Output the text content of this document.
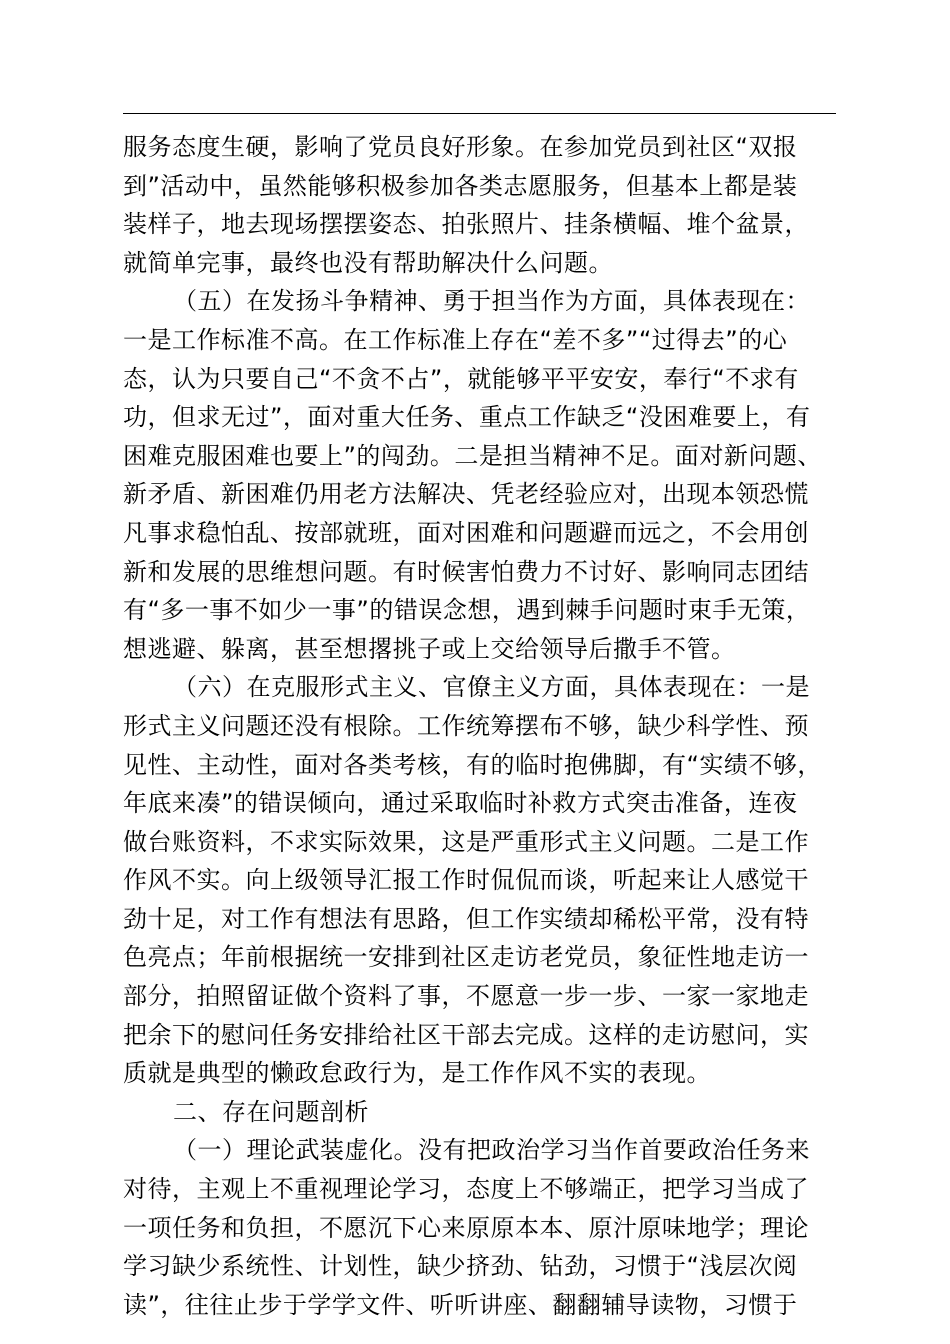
服务态度生硬，影响了党员良好形象。在参加党员到社区“双报
到”活动中，虽然能够积极参加各类志愿服务，但基本上都是装
装样子，地去现场摆摆姿态、拍张照片、挂条横幅、堆个盆景，
就简单完事，最终也没有帮助解决什么问题。
（五）在发扬斗争精神、勇于担当作为方面，具体表现在：
一是工作标准不高。在工作标准上存在“差不多”“过得去”的心
态，认为只要自己“不贪不占”，就能够平平安安，奉行“不求有
功，但求无过”，面对重大任务、重点工作缺乏“没困难要上，有
困难克服困难也要上”的闯劲。二是担当精神不足。面对新问题、
新矛盾、新困难仍用老方法解决、凭老经验应对，出现本领恐慌
凡事求稳怕乱、按部就班，面对困难和问题避而远之，不会用创
新和发展的思维想问题。有时候害怕费力不讨好、影响同志团结
有“多一事不如少一事”的错误念想，遇到棘手问题时束手无策，
想逃避、躲离，甚至想撂挑子或上交给领导后撒手不管。
（六）在克服形式主义、官僚主义方面，具体表现在：一是
形式主义问题还没有根除。工作统筹摆布不够，缺少科学性、预
见性、主动性，面对各类考核，有的临时抱佛脚，有“实绩不够，
年底来凑”的错误倾向，通过采取临时补救方式突击准备，连夜
做台账资料，不求实际效果，这是严重形式主义问题。二是工作
作风不实。向上级领导汇报工作时侃侃而谈，听起来让人感觉干
劲十足，对工作有想法有思路，但工作实绩却稀松平常，没有特
色亮点；年前根据统一安排到社区走访老党员，象征性地走访一
部分，拍照留证做个资料了事，不愿意一步一步、一家一家地走
把余下的慰问任务安排给社区干部去完成。这样的走访慰问，实
质就是典型的懒政怠政行为，是工作作风不实的表现。
二、存在问题剖析
（一）理论武装虚化。没有把政治学习当作首要政治任务来
对待，主观上不重视理论学习，态度上不够端正，把学习当成了
一项任务和负担，不愿沉下心来原原本本、原汁原味地学；理论
学习缺少系统性、计划性，缺少挤劲、钻劲，习惯于“浅层次阅
读”，往往止步于学学文件、听听讲座、翻翻辅导读物，习惯于
